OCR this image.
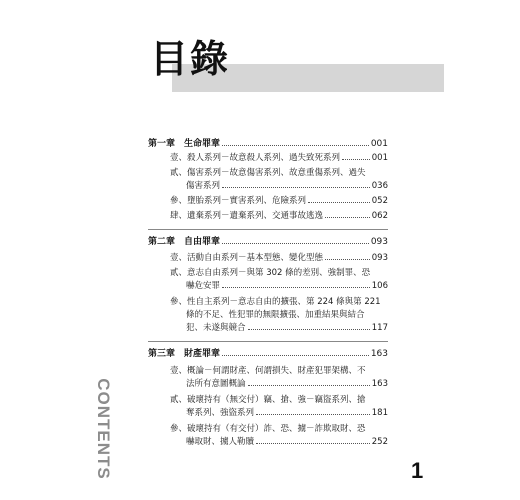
目錄
第一章　生命罪章	001
壹、殺人系列－故意殺人系列、過失致死系列	001
貳、傷害系列－故意傷害系列、故意重傷系列、過失
傷害系列	036
參、墮胎系列－實害系列、危險系列	052
肆、遺棄系列－遺棄系列、交通事故逃逸	062
第二章　自由罪章	093
壹、活動自由系列－基本型態、變化型態	093
貳、意志自由系列－與第 302 條的差別、強制罪、恐
嚇危安罪	106
參、性自主系列－意志自由的擴張、第 224 條與第 221
條的不足、性犯罪的無限擴張、加重結果與結合
犯、未遂與競合	117
第三章　財產罪章	163
壹、概論－何謂財產、何謂損失、財產犯罪架構、不
法所有意圖概論	163
貳、破壞持有（無交付）竊、搶、強－竊盜系列、搶
奪系列、強盜系列	181
參、破壞持有（有交付）詐、恐、擄－詐欺取財、恐
嚇取財、擄人勒贖	252
CONTENTS	1
